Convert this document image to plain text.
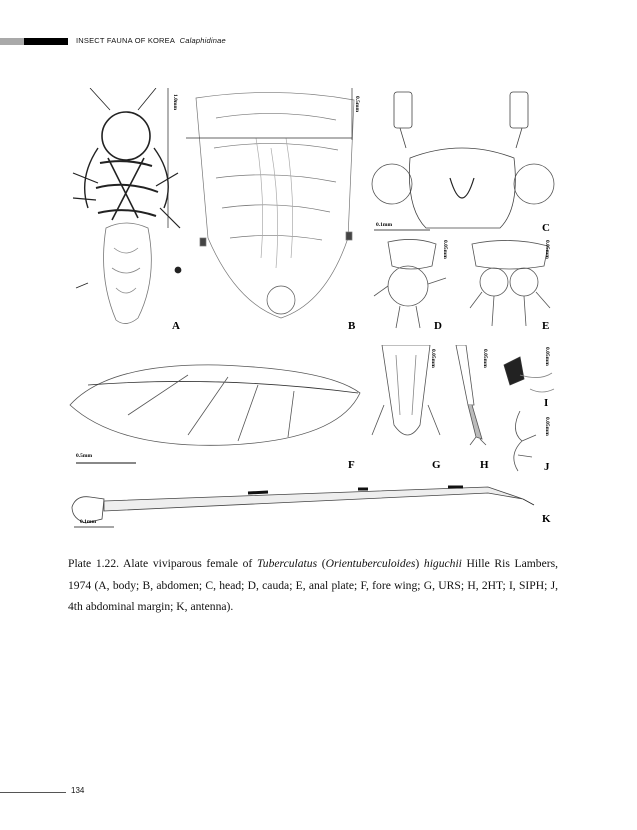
INSECT FAUNA OF KOREA Calaphidinae
1.0mm
A
0.5mm
B
0.1mm	C
0.05mm
D
0.05mm
E
0.5mm
F
0.05mm
G
0.05mm
H
0.05mm
I
0.05mm
J
0.1mm	K
Plate 1.22. Alate viviparous female of Tuberculatus (Orientuberculoides) higuchii Hille Ris Lambers, 1974 (A, body; B, abdomen; C, head; D, cauda; E, anal plate; F, fore wing; G, URS; H, 2HT; I, SIPH; J, 4th abdominal margin; K, antenna).
134
